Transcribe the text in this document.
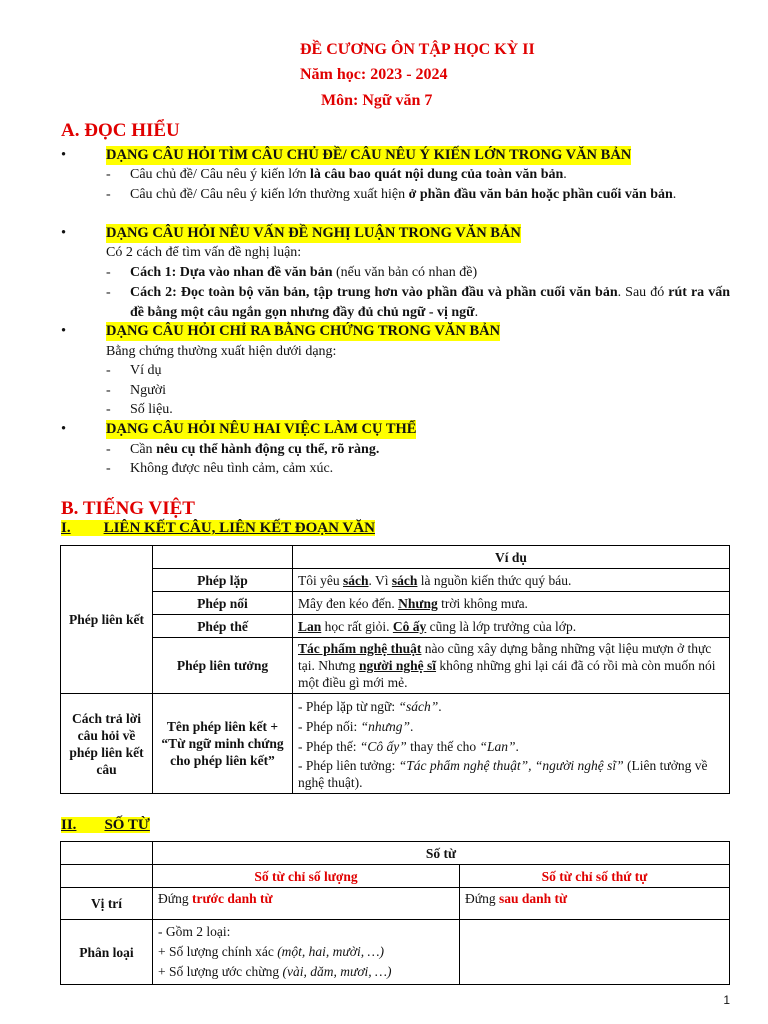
ĐỀ CƯƠNG ÔN TẬP HỌC KỲ II
Năm học: 2023 - 2024
Môn: Ngữ văn 7
A. ĐỌC HIỂU
•	DẠNG CÂU HỎI TÌM CÂU CHỦ ĐỀ/ CÂU NÊU Ý KIẾN LỚN TRONG VĂN BẢN
- Câu chủ đề/ Câu nêu ý kiến lớn là câu bao quát nội dung của toàn văn bản.
- Câu chủ đề/ Câu nêu ý kiến lớn thường xuất hiện ở phần đầu văn bản hoặc phần cuối văn bản.
•	DẠNG CÂU HỎI NÊU VẤN ĐỀ NGHỊ LUẬN TRONG VĂN BẢN
Có 2 cách để tìm vấn đề nghị luận:
- Cách 1: Dựa vào nhan đề văn bản (nếu văn bản có nhan đề)
- Cách 2: Đọc toàn bộ văn bản, tập trung hơn vào phần đầu và phần cuối văn bản. Sau đó rút ra vấn đề bằng một câu ngắn gọn nhưng đầy đủ chủ ngữ - vị ngữ.
•	DẠNG CÂU HỎI CHỈ RA BẰNG CHỨNG TRONG VĂN BẢN
Bằng chứng thường xuất hiện dưới dạng:
- Ví dụ
- Người
- Số liệu.
•	DẠNG CÂU HỎI NÊU HAI VIỆC LÀM CỤ THỂ
- Cần nêu cụ thể hành động cụ thể, rõ ràng.
- Không được nêu tình cảm, cảm xúc.
B. TIẾNG VIỆT
I. LIÊN KẾT CÂU, LIÊN KẾT ĐOẠN VĂN
Phép liên kết		Ví dụ
	Phép lặp	Tôi yêu sách. Vì sách là nguồn kiến thức quý báu.
	Phép nối	Mây đen kéo đến. Nhưng trời không mưa.
	Phép thế	Lan học rất giỏi. Cô ấy cũng là lớp trưởng của lớp.
	Phép liên tưởng	Tác phẩm nghệ thuật nào cũng xây dựng bằng những vật liệu mượn ở thực tại. Nhưng người nghệ sĩ không những ghi lại cái đã có rồi mà còn muốn nói một điều gì mới mẻ.
Cách trả lời câu hỏi về phép liên kết câu	Tên phép liên kết + “Từ ngữ minh chứng cho phép liên kết”	- Phép lặp từ ngữ: “sách”.
- Phép nối: “nhưng”.
- Phép thế: “Cô ấy” thay thế cho “Lan”.
- Phép liên tưởng: “Tác phẩm nghệ thuật”, “người nghệ sĩ” (Liên tưởng về nghệ thuật).
II. SỐ TỪ
	Số từ	
	Số từ chỉ số lượng	Số từ chỉ số thứ tự
Vị trí	Đứng trước danh từ	Đứng sau danh từ
Phân loại	- Gồm 2 loại:
+ Số lượng chính xác (một, hai, mười, …)
+ Số lượng ước chừng (vài, dăm, mươi, …)	

1
